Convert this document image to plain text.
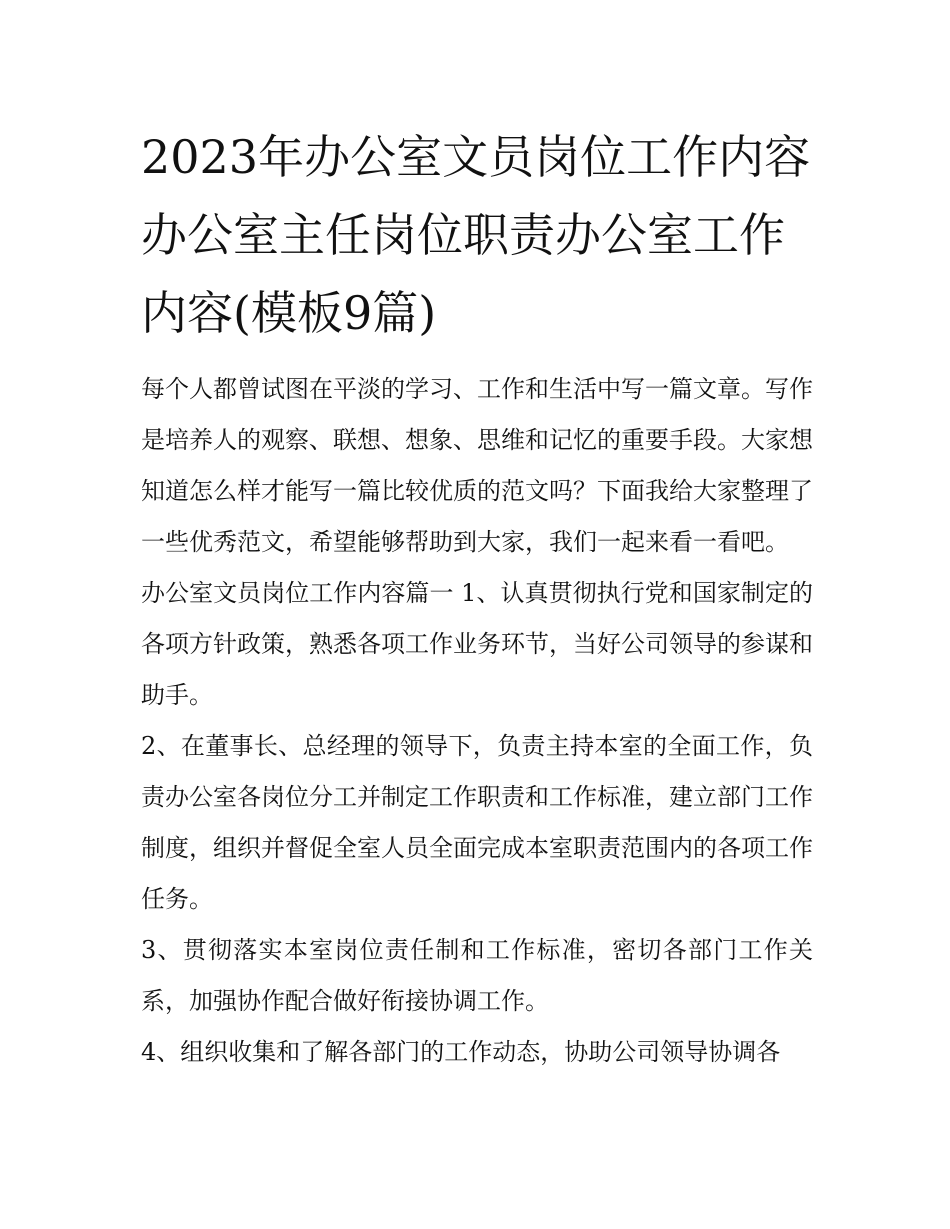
2023年办公室文员岗位工作内容 办公室主任岗位职责办公室工作内容(模板9篇)

每个人都曾试图在平淡的学习、工作和生活中写一篇文章。写作是培养人的观察、联想、想象、思维和记忆的重要手段。大家想知道怎么样才能写一篇比较优质的范文吗？下面我给大家整理了一些优秀范文，希望能够帮助到大家，我们一起来看一看吧。

办公室文员岗位工作内容篇一 1、认真贯彻执行党和国家制定的各项方针政策，熟悉各项工作业务环节，当好公司领导的参谋和助手。

2、在董事长、总经理的领导下，负责主持本室的全面工作，负责办公室各岗位分工并制定工作职责和工作标准，建立部门工作制度，组织并督促全室人员全面完成本室职责范围内的各项工作任务。

3、贯彻落实本室岗位责任制和工作标准，密切各部门工作关系，加强协作配合做好衔接协调工作。

4、组织收集和了解各部门的工作动态，协助公司领导协调各
